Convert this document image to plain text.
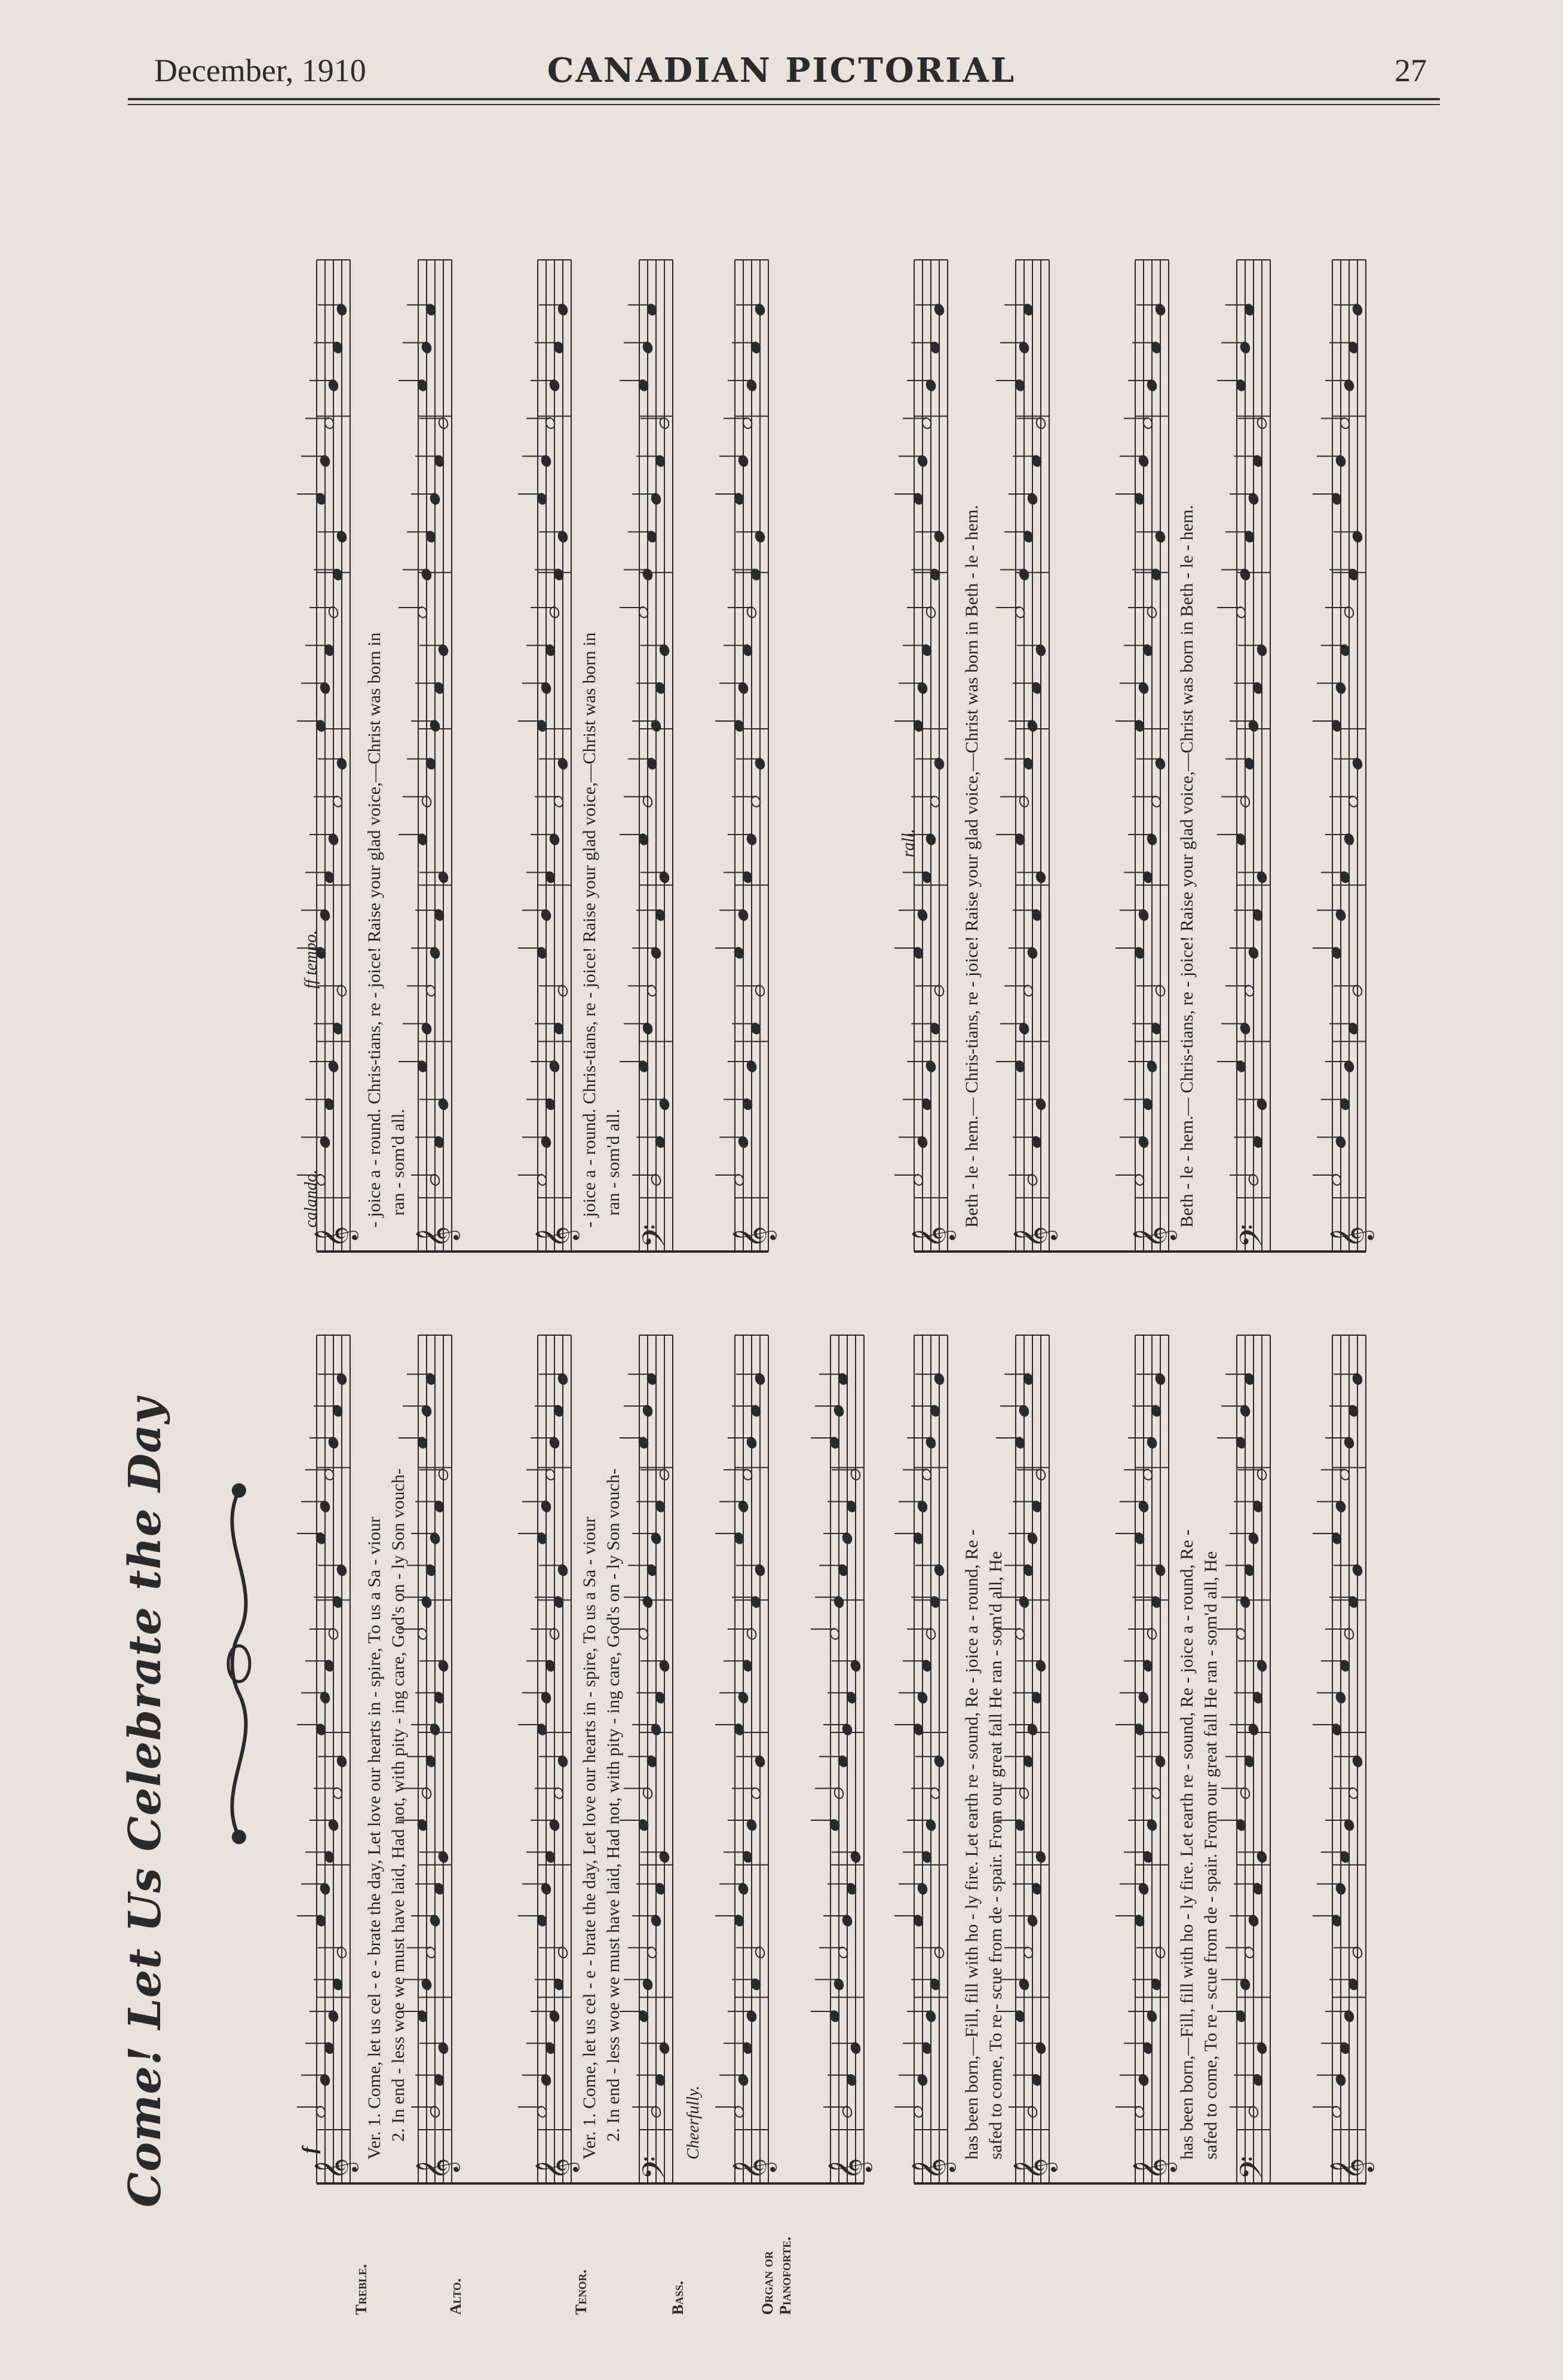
December, 1910	CANADIAN PICTORIAL	27
Come! Let Us Celebrate the Day
Treble.	Alto.	Tenor.	Bass.	Organ or Pianoforte.
𝄞 𝄞 𝄞 𝄢 𝄞 𝄞
f Ver. 1. Come, let us cel - e - brate the day, Let love our hearts in - spire, To us a Sa - viour 2. In end - less woe we must have laid, Had not, with pity - ing care, God's on - ly Son vouch-	Ver. 1. Come, let us cel - e - brate the day, Let love our hearts in - spire, To us a Sa - viour 2. In end - less woe we must have laid, Had not, with pity - ing care, God's on - ly Son vouch-	Cheerfully.
𝄞 𝄞 𝄞 𝄢 𝄞
has been born,—Fill, fill with ho - ly fire. Let earth re - sound, Re - joice a - round, Re - safed to come, To re - scue from de - spair. From our great fall He ran - som'd all, He	has been born,—Fill, fill with ho - ly fire. Let earth re - sound, Re - joice a - round, Re - safed to come, To re - scue from de - spair. From our great fall He ran - som'd all, He
𝄞 𝄞 𝄞 𝄢 𝄞
calando.
ff tempo. - joice a - round. Chris-tians, re - joice! Raise your glad voice,—Christ was born in ran - som'd all.	- joice a - round. Chris-tians, re - joice! Raise your glad voice,—Christ was born in ran - som'd all.
𝄞 𝄞 𝄞 𝄢 𝄞
rall. Beth - le - hem.— Chris-tians, re - joice! Raise your glad voice,—Christ was born in Beth - le - hem.	Beth - le - hem.— Chris-tians, re - joice! Raise your glad voice,—Christ was born in Beth - le - hem.
